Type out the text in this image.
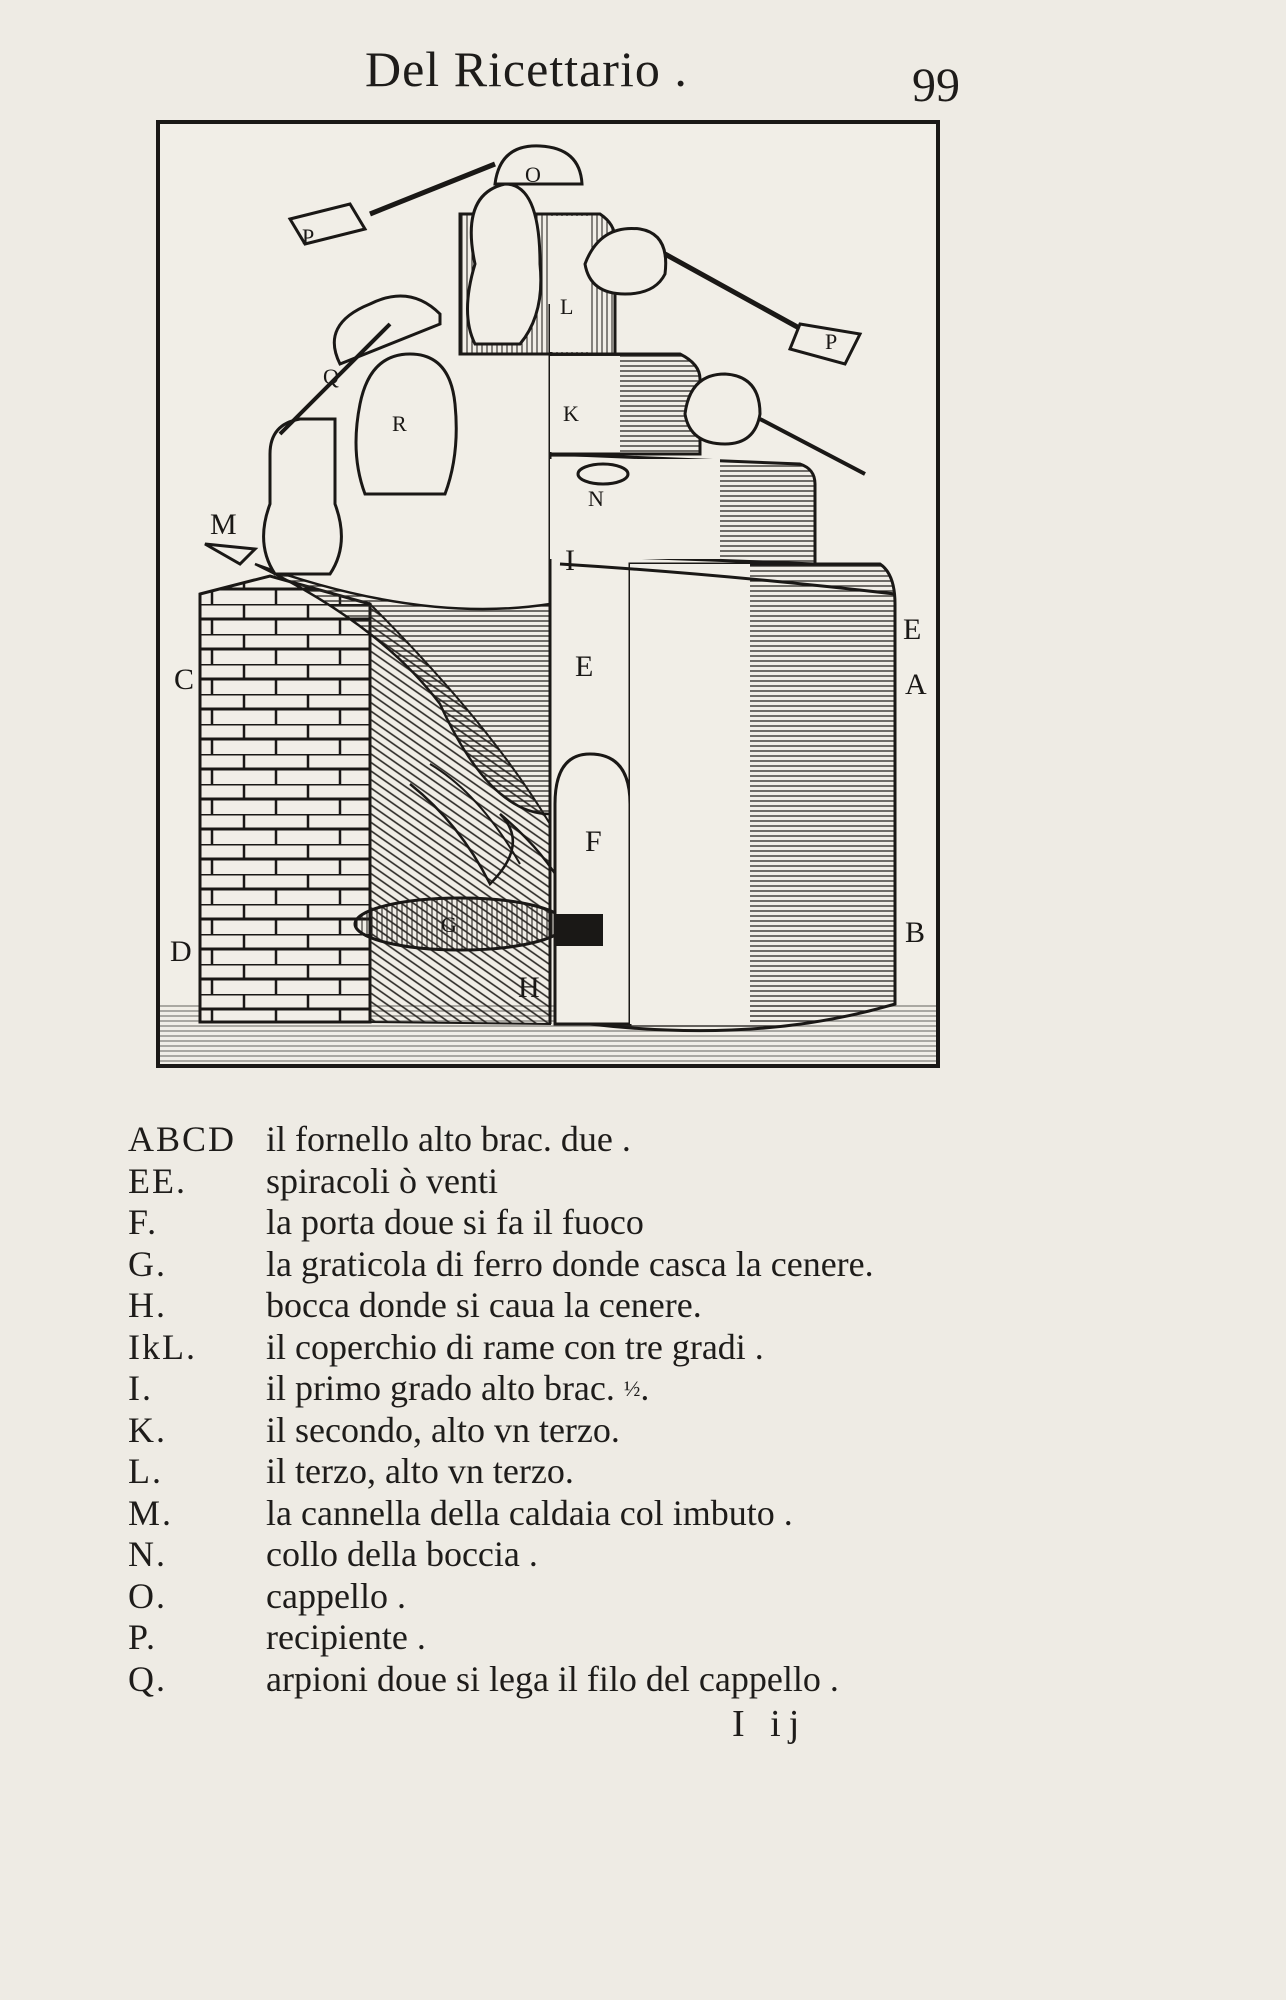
Del Ricettario .	99
A
B
C
D
E
E
F
G
H
I
L
K
M
N
O
P
P
Q
R
I
ABCD il fornello alto brac. due .
EE.	spiracoli ò venti
F.	la porta doue si fa il fuoco
G.	la graticola di ferro donde casca la cenere.
H.	bocca donde si caua la cenere.
IkL.	il coperchio di rame con tre gradi .
I.	il primo grado alto brac. ½.
K.	il secondo, alto vn terzo.
L.	il terzo, alto vn terzo.
M.	la cannella della caldaia col imbuto .
N.	collo della boccia .
O.	cappello .
P.	recipiente .
Q.	arpioni doue si lega il filo del cappello .
I ij
